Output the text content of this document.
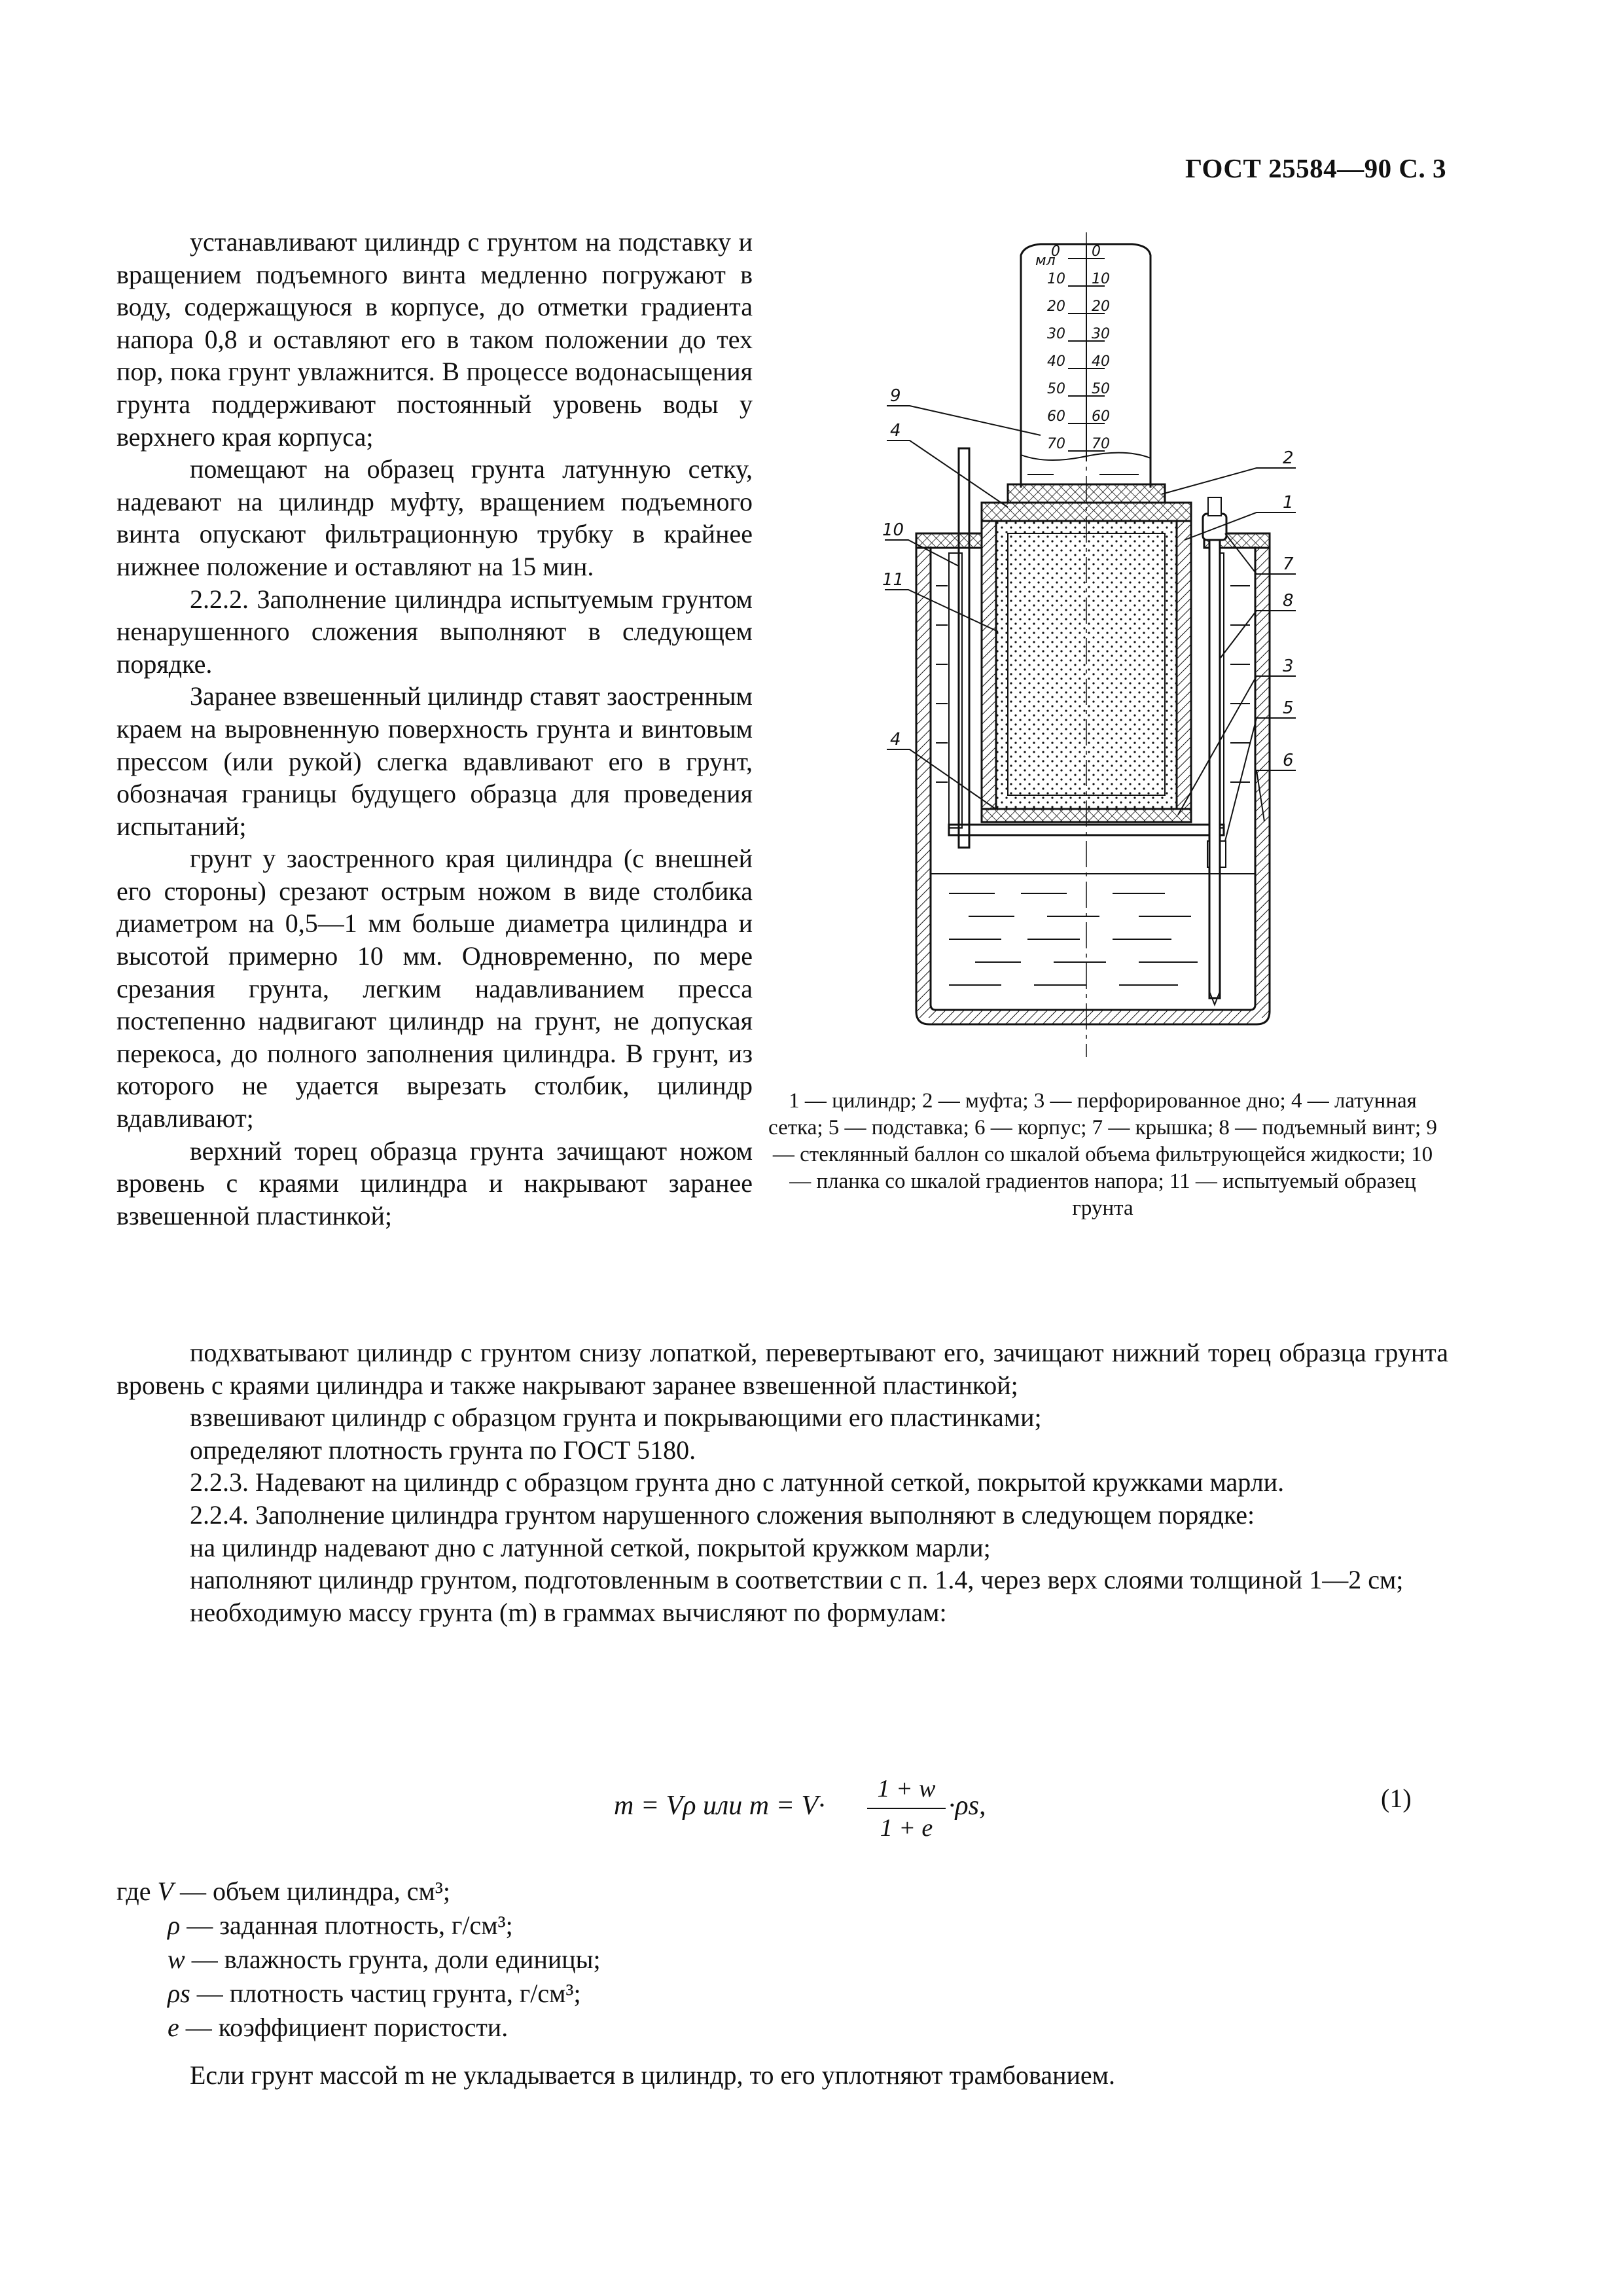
ГОСТ 25584—90 С. 3

устанавливают цилиндр с грунтом на подставку и вращением подъемного винта медленно погружают в воду, содержащуюся в корпусе, до отметки градиента напора 0,8 и оставляют его в таком положении до тех пор, пока грунт увлажнится. В процессе водонасыщения грунта поддерживают постоянный уровень воды у верхнего края корпуса;

помещают на образец грунта латунную сетку, надевают на цилиндр муфту, вращением подъемного винта опускают фильтрационную трубку в крайнее нижнее положение и оставляют на 15 мин.

2.2.2. Заполнение цилиндра испытуемым грунтом ненарушенного сложения выполняют в следующем порядке.

Заранее взвешенный цилиндр ставят заостренным краем на выровненную поверхность грунта и винтовым прессом (или рукой) слегка вдавливают его в грунт, обозначая границы будущего образца для проведения испытаний;

грунт у заостренного края цилиндра (с внешней его стороны) срезают острым ножом в виде столбика диаметром на 0,5—1 мм больше диаметра цилиндра и высотой примерно 10 мм. Одновременно, по мере срезания грунта, легким надавливанием пресса постепенно надвигают цилиндр на грунт, не допуская перекоса, до полного заполнения цилиндра. В грунт, из которого не удается вырезать столбик, цилиндр вдавливают;

верхний торец образца грунта зачищают ножом вровень с краями цилиндра и накрывают заранее взвешенной пластинкой;

мл
0 0
10 10
20 20
30 30
40 40
50 50
60 60
70 70
9
4
10
11
4
2
1
7
8
3
5
6
1 — цилиндр; 2 — муфта; 3 — перфорированное дно; 4 — латунная сетка; 5 — подставка; 6 — корпус; 7 — крышка; 8 — подъемный винт; 9 — стеклянный баллон со шкалой объема фильтрующейся жидкости; 10 — планка со шкалой градиентов напора; 11 — испытуемый образец грунта

подхватывают цилиндр с грунтом снизу лопаткой, перевертывают его, зачищают нижний торец образца грунта вровень с краями цилиндра и также накрывают заранее взвешенной пластинкой;

взвешивают цилиндр с образцом грунта и покрывающими его пластинками;

определяют плотность грунта по ГОСТ 5180.

2.2.3. Надевают на цилиндр с образцом грунта дно с латунной сеткой, покрытой кружками марли.

2.2.4. Заполнение цилиндра грунтом нарушенного сложения выполняют в следующем порядке:

на цилиндр надевают дно с латунной сеткой, покрытой кружком марли;

наполняют цилиндр грунтом, подготовленным в соответствии с п. 1.4, через верх слоями толщиной 1—2 см;

необходимую массу грунта (m) в граммах вычисляют по формулам:

m = Vρ или m = V·
1 + w
1 + e
·ρs,	(1)
где V — объем цилиндра, см³;
ρ — заданная плотность, г/см³;
w — влажность грунта, доли единицы;
ρs — плотность частиц грунта, г/см³;
e — коэффициент пористости.
Если грунт массой m не укладывается в цилиндр, то его уплотняют трамбованием.
